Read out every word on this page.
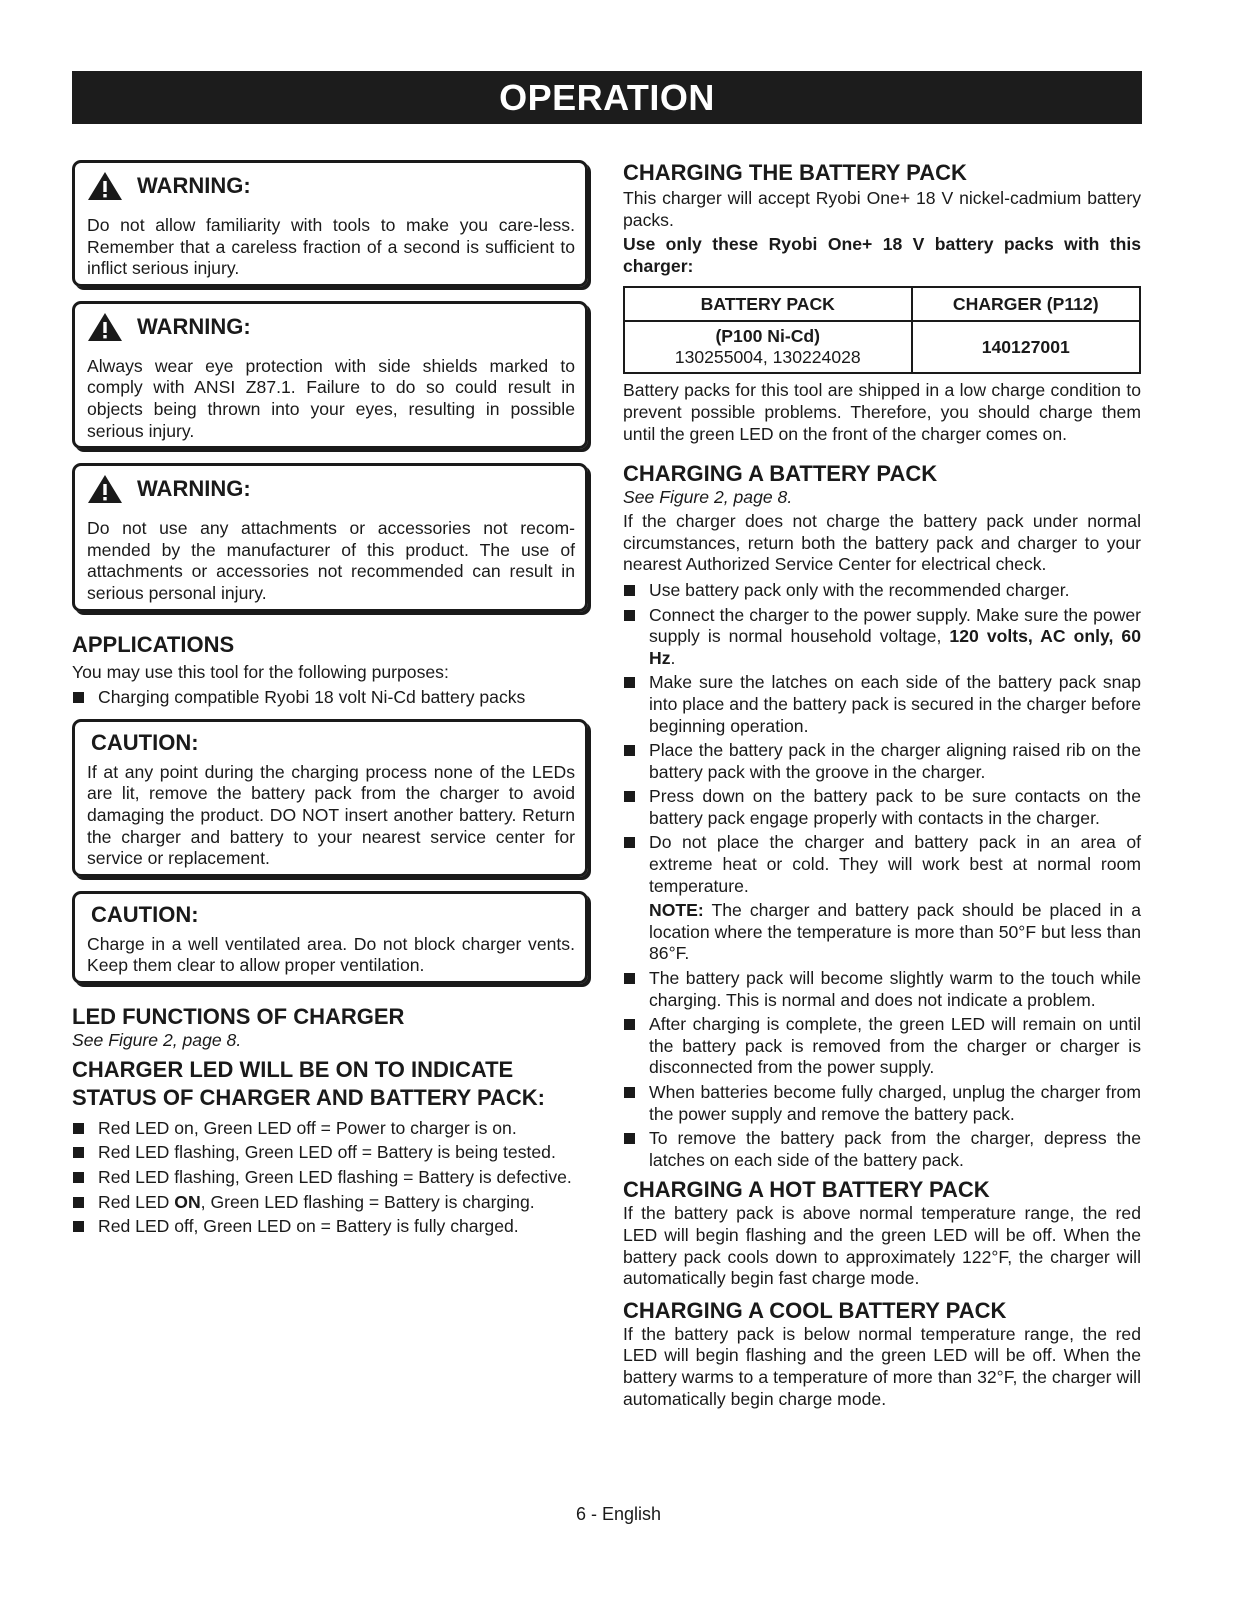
OPERATION
WARNING:

Do not allow familiarity with tools to make you care-less. Remember that a careless fraction of a second is sufficient to inflict serious injury.

WARNING:

Always wear eye protection with side shields marked to comply with ANSI Z87.1. Failure to do so could result in objects being thrown into your eyes, resulting in possible serious injury.

WARNING:

Do not use any attachments or accessories not recom-mended by the manufacturer of this product. The use of attachments or accessories not recommended can result in serious personal injury.

APPLICATIONS

You may use this tool for the following purposes:

Charging compatible Ryobi 18 volt Ni-Cd battery packs
CAUTION:

If at any point during the charging process none of the LEDs are lit, remove the battery pack from the charger to avoid damaging the product. DO NOT insert another battery. Return the charger and battery to your nearest service center for service or replacement.

CAUTION:

Charge in a well ventilated area. Do not block charger vents. Keep them clear to allow proper ventilation.

LED FUNCTIONS OF CHARGER

See Figure 2, page 8.

CHARGER LED WILL BE ON TO INDICATE
STATUS OF CHARGER AND BATTERY PACK:
Red LED on, Green LED off = Power to charger is on.
Red LED flashing, Green LED off = Battery is being tested.
Red LED flashing, Green LED flashing = Battery is defective.
Red LED ON, Green LED flashing = Battery is charging.
Red LED off, Green LED on = Battery is fully charged.
CHARGING THE BATTERY PACK

This charger will accept Ryobi One+ 18 V nickel-cadmium battery packs.

Use only these Ryobi One+ 18 V battery packs with this charger:

BATTERY PACK	CHARGER (P112)
(P100 Ni-Cd)
130255004, 130224028	140127001

Battery packs for this tool are shipped in a low charge condition to prevent possible problems. Therefore, you should charge them until the green LED on the front of the charger comes on.

CHARGING A BATTERY PACK

See Figure 2, page 8.

If the charger does not charge the battery pack under normal circumstances, return both the battery pack and charger to your nearest Authorized Service Center for electrical check.

Use battery pack only with the recommended charger.
Connect the charger to the power supply. Make sure the power supply is normal household voltage, 120 volts, AC only, 60 Hz.
Make sure the latches on each side of the battery pack snap into place and the battery pack is secured in the charger before beginning operation.
Place the battery pack in the charger aligning raised rib on the battery pack with the groove in the charger.
Press down on the battery pack to be sure contacts on the battery pack engage properly with contacts in the charger.
Do not place the charger and battery pack in an area of extreme heat or cold. They will work best at normal room temperature.

NOTE: The charger and battery pack should be placed in a location where the temperature is more than 50°F but less than 86°F.

The battery pack will become slightly warm to the touch while charging. This is normal and does not indicate a problem.
After charging is complete, the green LED will remain on until the battery pack is removed from the charger or charger is disconnected from the power supply.
When batteries become fully charged, unplug the charger from the power supply and remove the battery pack.
To remove the battery pack from the charger, depress the latches on each side of the battery pack.
CHARGING A HOT BATTERY PACK

If the battery pack is above normal temperature range, the red LED will begin flashing and the green LED will be off. When the battery pack cools down to approximately 122°F, the charger will automatically begin fast charge mode.

CHARGING A COOL BATTERY PACK

If the battery pack is below normal temperature range, the red LED will begin flashing and the green LED will be off. When the battery warms to a temperature of more than 32°F, the charger will automatically begin charge mode.

6 - English
